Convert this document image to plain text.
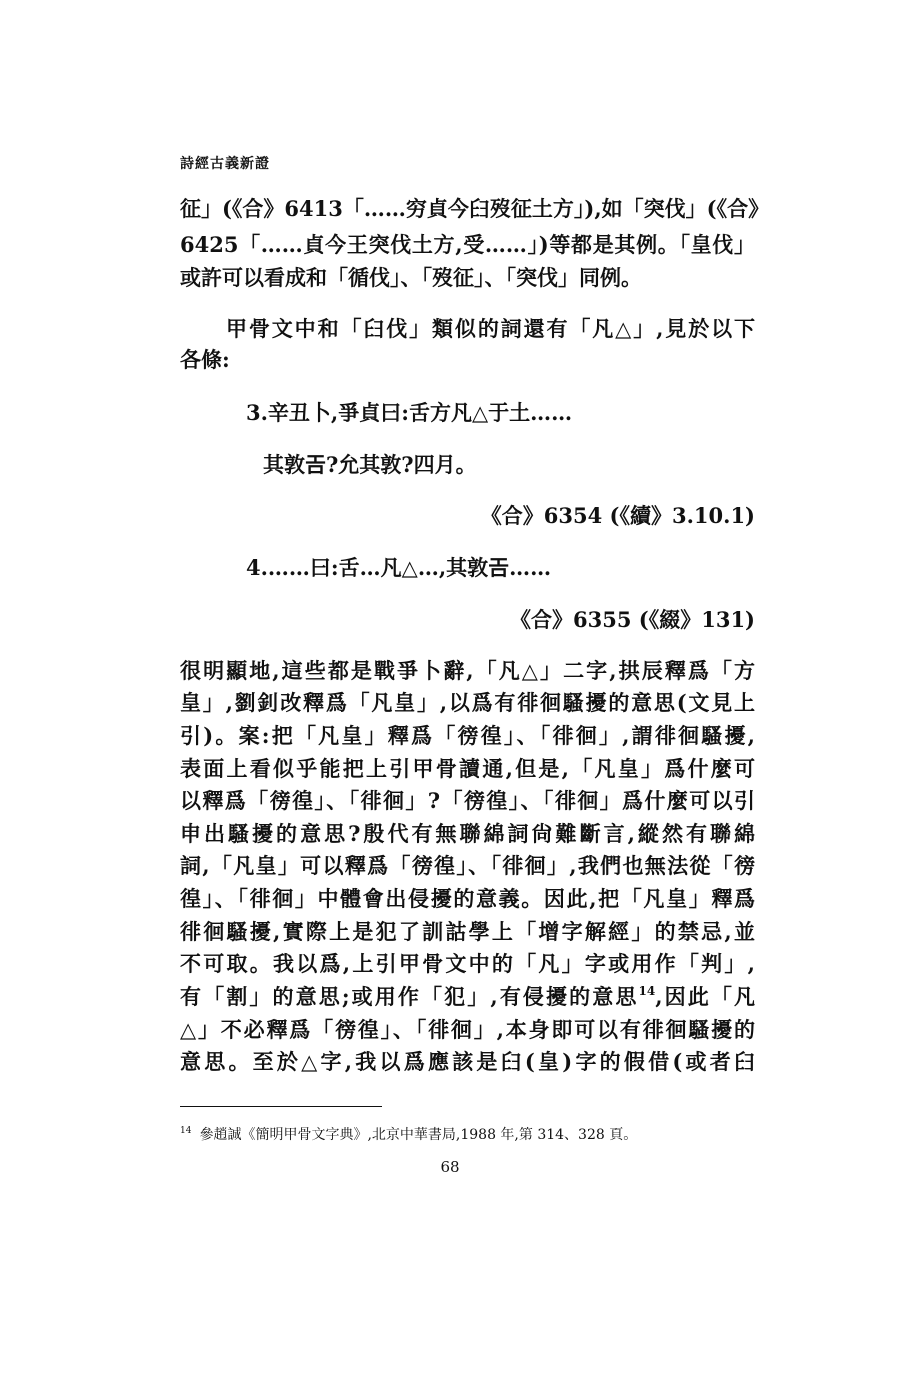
詩經古義新證
征」(《合》6413「……穷貞今𦥑歿征土方」),如「突伐」(《合》
6425「……貞今王突伐土方,受……」)等都是其例。「皇伐」
或許可以看成和「循伐」、「歿征」、「突伐」同例。
甲骨文中和「𦥑伐」類似的詞還有「凡△」,見於以下
各條:
3.辛丑卜,爭貞曰:舌方凡△于土……
其敦𢀛?允其敦?四月。
《合》6354 (《續》3.10.1)
4.……曰:舌…凡△…,其敦𢀛……
《合》6355 (《綴》131)
很明顯地,這些都是戰爭卜辭,「凡△」二字,拱辰釋爲「方
皇」,劉釗改釋爲「凡皇」,以爲有徘徊騷擾的意思(文見上
引)。案:把「凡皇」釋爲「徬徨」、「徘徊」,謂徘徊騷擾,
表面上看似乎能把上引甲骨讀通,但是,「凡皇」爲什麼可
以釋爲「徬徨」、「徘徊」?「徬徨」、「徘徊」爲什麼可以引
申出騷擾的意思?殷代有無聯綿詞尙難斷言,縱然有聯綿
詞,「凡皇」可以釋爲「徬徨」、「徘徊」,我們也無法從「徬
徨」、「徘徊」中體會出侵擾的意義。因此,把「凡皇」釋爲
徘徊騷擾,實際上是犯了訓詁學上「增字解經」的禁忌,並
不可取。我以爲,上引甲骨文中的「凡」字或用作「判」,
有「割」的意思;或用作「犯」,有侵擾的意思$^{14}$,因此「凡
△」不必釋爲「徬徨」、「徘徊」,本身即可以有徘徊騷擾的
意思。至於△字,我以爲應該是𦥑(皇)字的假借(或者𦥑
$^{14}$ 參趙誠《簡明甲骨文字典》,北京中華書局,1988 年,第 314、328 頁。
68
